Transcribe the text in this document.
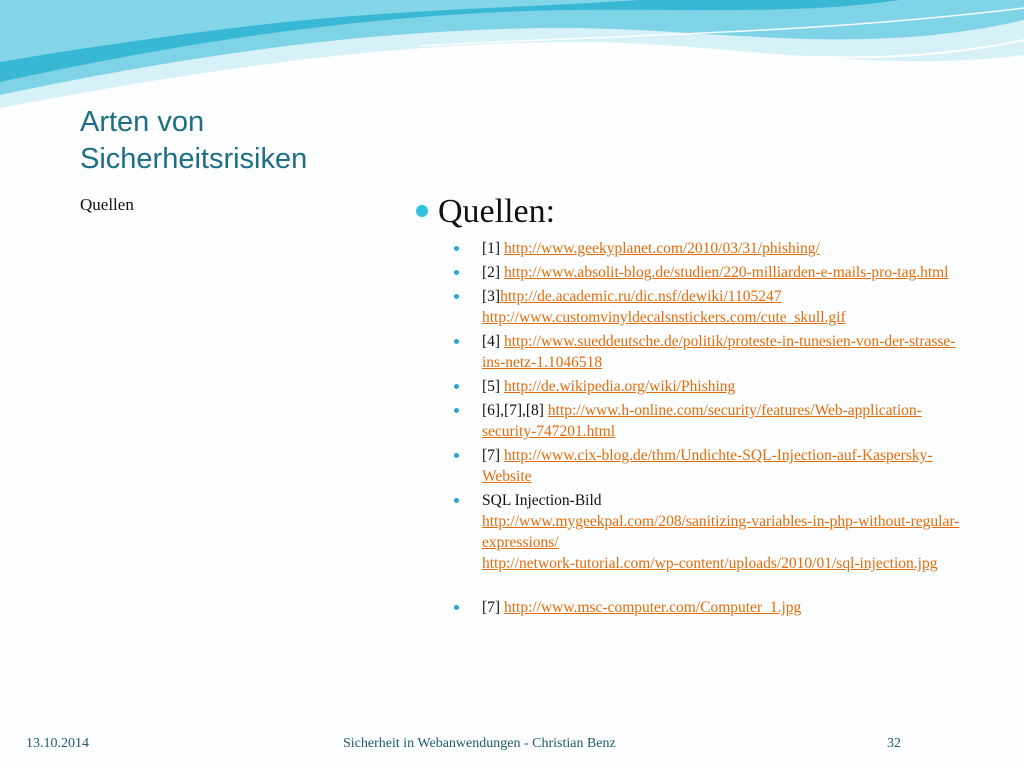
Arten von
Sicherheitsrisiken

Quellen	Quellen:
[1] http://www.geekyplanet.com/2010/03/31/phishing/
[2] http://www.absolit-blog.de/studien/220-milliarden-e-mails-pro-tag.html
[3]http://de.academic.ru/dic.nsf/dewiki/1105247
http://www.customvinyldecalsnstickers.com/cute_skull.gif
[4] http://www.sueddeutsche.de/politik/proteste-in-tunesien-von-der-strasse-ins-netz-1.1046518
[5] http://de.wikipedia.org/wiki/Phishing
[6],[7],[8] http://www.h-online.com/security/features/Web-application-security-747201.html
[7] http://www.cix-blog.de/thm/Undichte-SQL-Injection-auf-Kaspersky-Website
SQL Injection-Bild
http://www.mygeekpal.com/208/sanitizing-variables-in-php-without-regular-expressions/
http://network-tutorial.com/wp-content/uploads/2010/01/sql-injection.jpg
[7] http://www.msc-computer.com/Computer_1.jpg
13.10.2014	Sicherheit in Webanwendungen - Christian Benz	32
